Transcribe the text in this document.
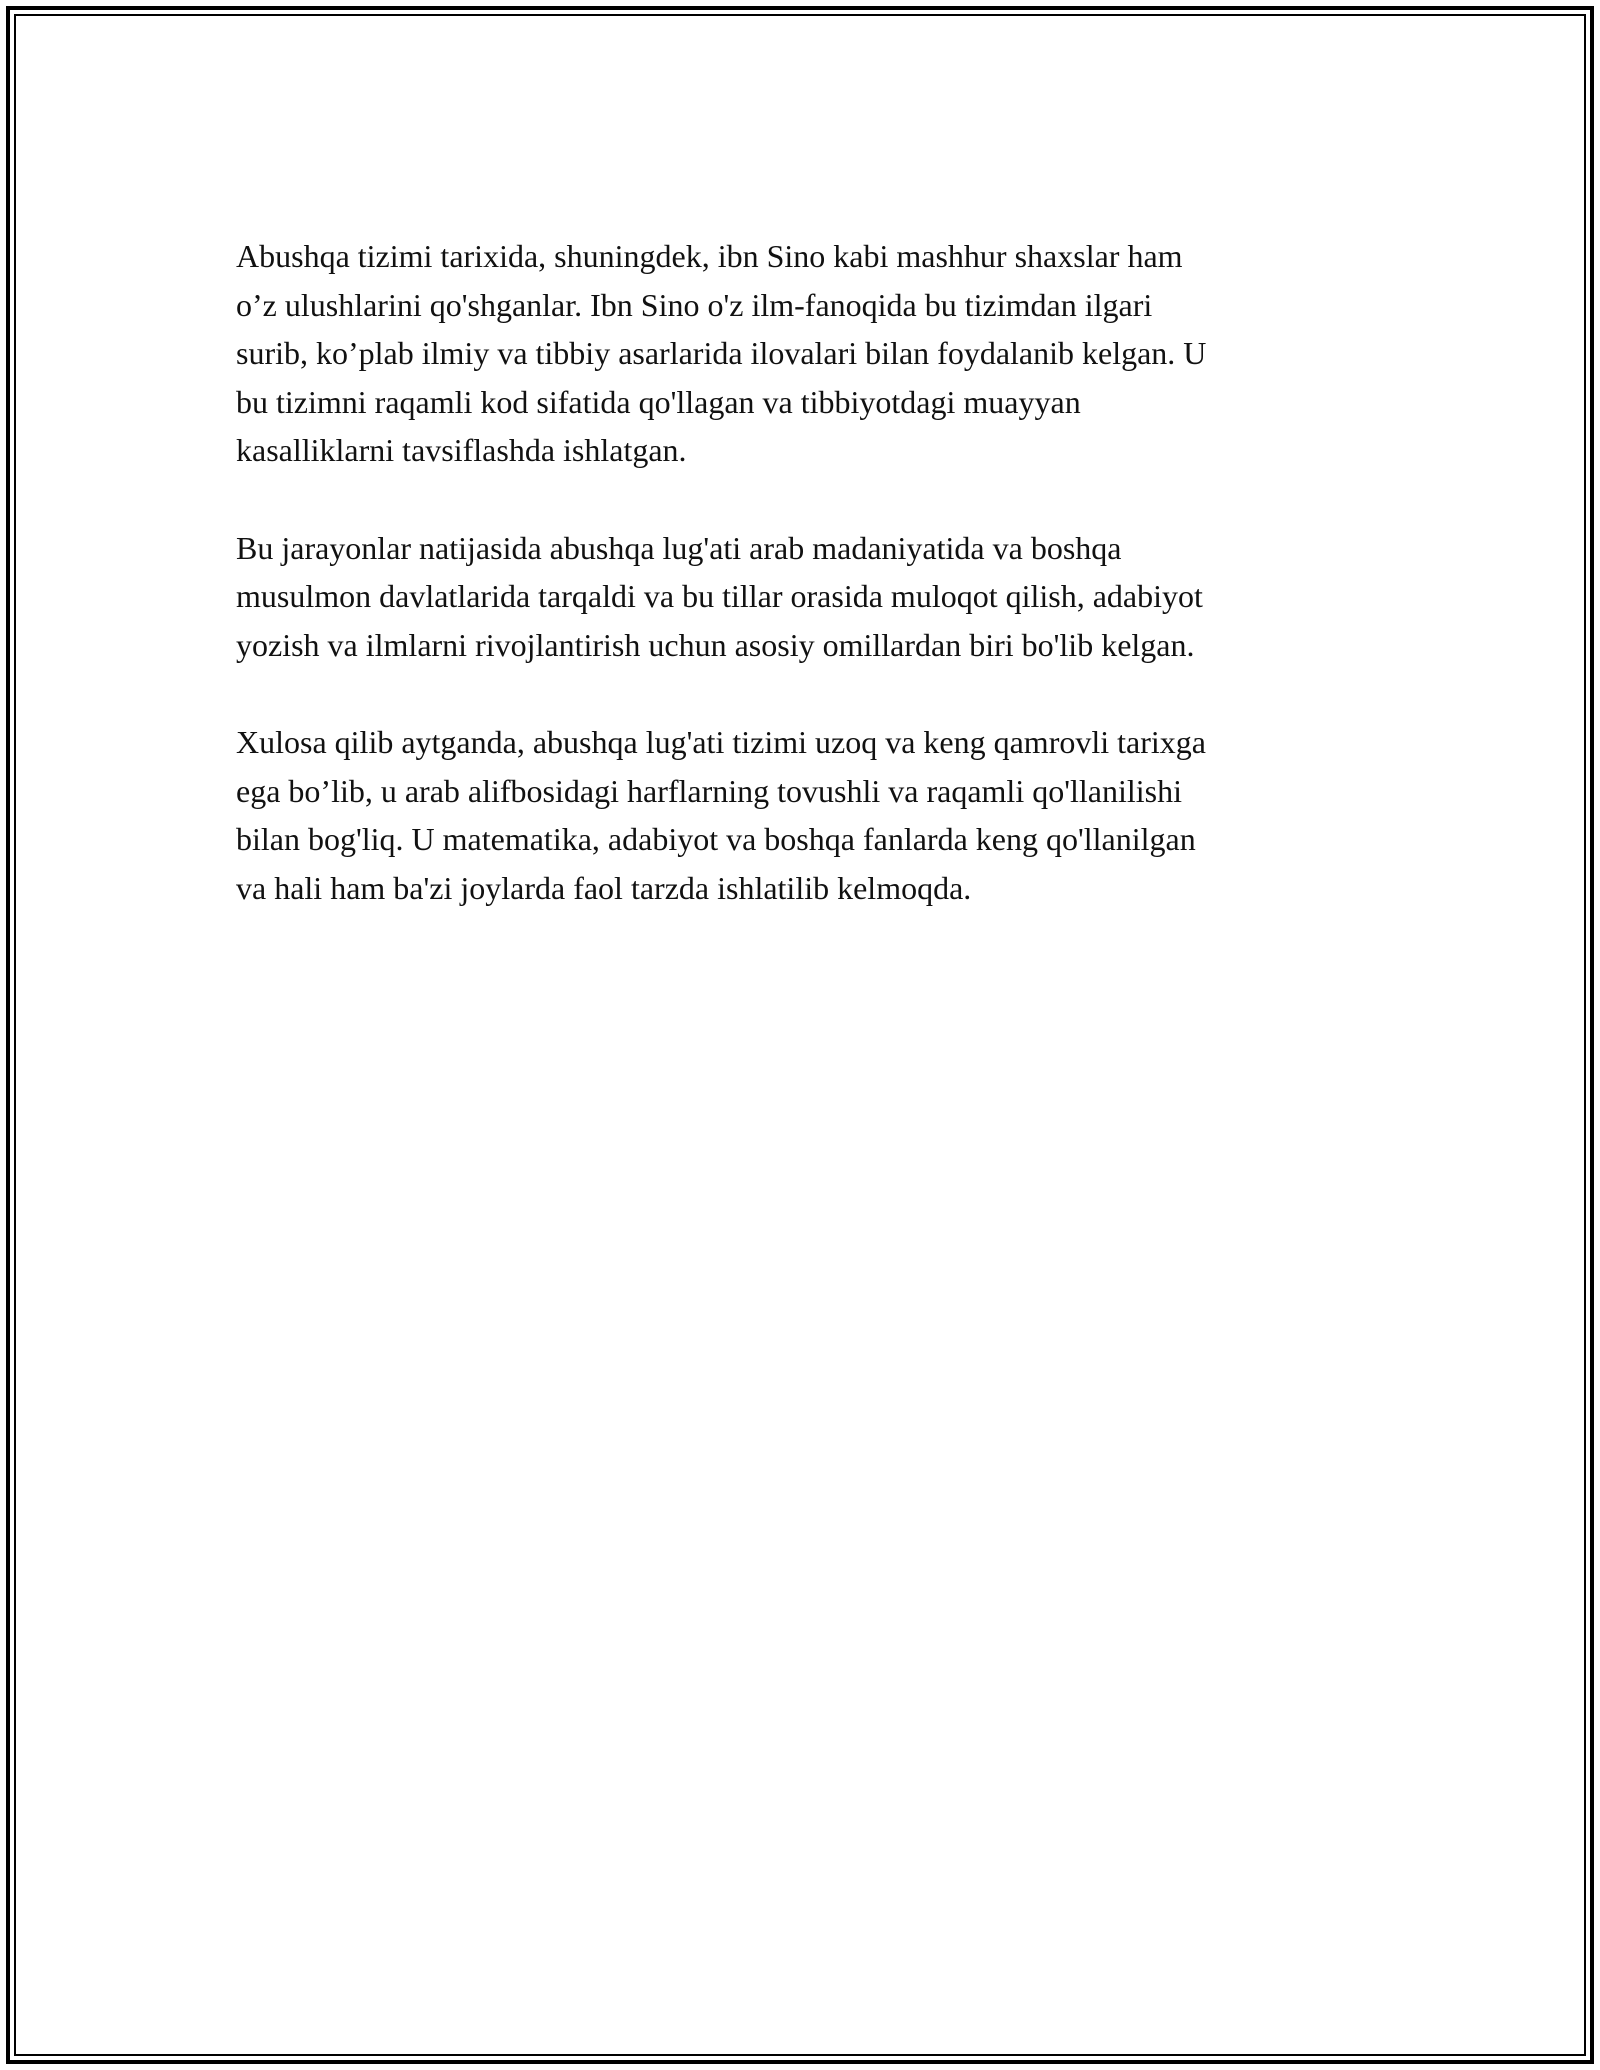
Abushqa tizimi tarixida, shuningdek, ibn Sino kabi mashhur shaxslar ham
o’z ulushlarini qo'shganlar. Ibn Sino o'z ilm-fanoqida bu tizimdan ilgari
surib, ko’plab ilmiy va tibbiy asarlarida ilovalari bilan foydalanib kelgan. U
bu tizimni raqamli kod sifatida qo'llagan va tibbiyotdagi muayyan
kasalliklarni tavsiflashda ishlatgan.

Bu jarayonlar natijasida abushqa lug'ati arab madaniyatida va boshqa
musulmon davlatlarida tarqaldi va bu tillar orasida muloqot qilish, adabiyot
yozish va ilmlarni rivojlantirish uchun asosiy omillardan biri bo'lib kelgan.

Xulosa qilib aytganda, abushqa lug'ati tizimi uzoq va keng qamrovli tarixga
ega bo’lib, u arab alifbosidagi harflarning tovushli va raqamli qo'llanilishi
bilan bog'liq. U matematika, adabiyot va boshqa fanlarda keng qo'llanilgan
va hali ham ba'zi joylarda faol tarzda ishlatilib kelmoqda.
